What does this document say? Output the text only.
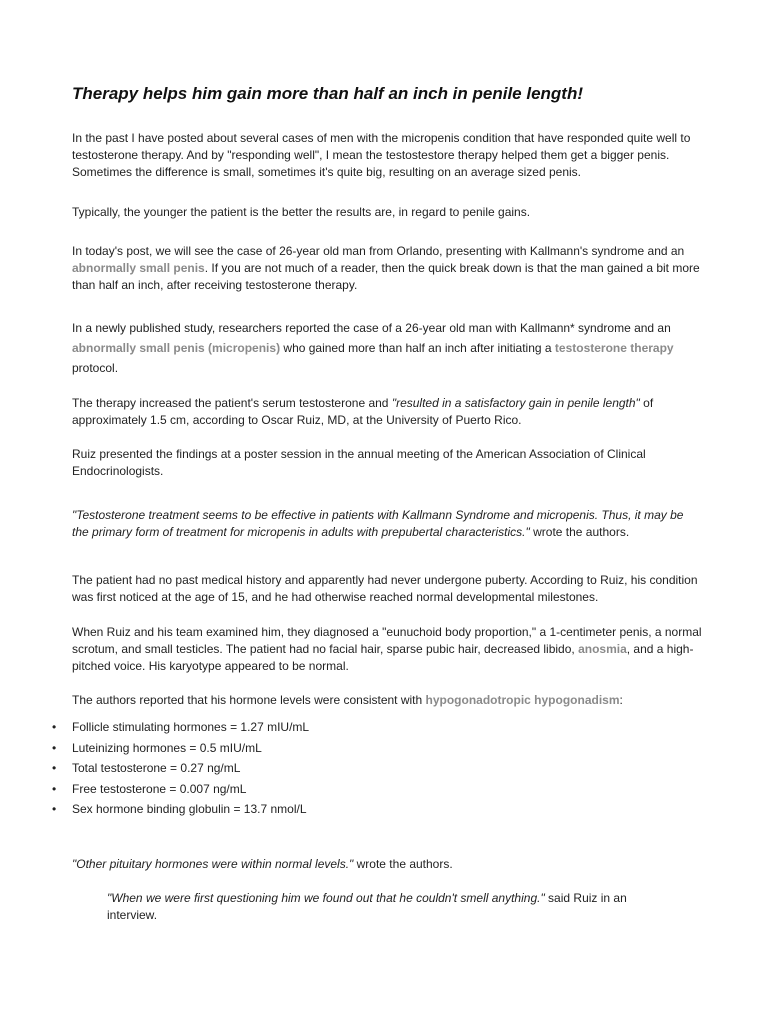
Therapy helps him gain more than half an inch in penile length!

In the past I have posted about several cases of men with the micropenis condition that have responded quite well to testosterone therapy. And by "responding well", I mean the testostestore therapy helped them get a bigger penis. Sometimes the difference is small, sometimes it's quite big, resulting on an average sized penis.

Typically, the younger the patient is the better the results are, in regard to penile gains.

In today's post, we will see the case of 26-year old man from Orlando, presenting with Kallmann's syndrome and an abnormally small penis. If you are not much of a reader, then the quick break down is that the man gained a bit more than half an inch, after receiving testosterone therapy.

In a newly published study, researchers reported the case of a 26-year old man with Kallmann* syndrome and an abnormally small penis (micropenis) who gained more than half an inch after initiating a testosterone therapy protocol.

The therapy increased the patient's serum testosterone and "resulted in a satisfactory gain in penile length" of approximately 1.5 cm, according to Oscar Ruiz, MD, at the University of Puerto Rico.

Ruiz presented the findings at a poster session in the annual meeting of the American Association of Clinical Endocrinologists.

"Testosterone treatment seems to be effective in patients with Kallmann Syndrome and micropenis. Thus, it may be the primary form of treatment for micropenis in adults with prepubertal characteristics." wrote the authors.

The patient had no past medical history and apparently had never undergone puberty. According to Ruiz, his condition was first noticed at the age of 15, and he had otherwise reached normal developmental milestones.

When Ruiz and his team examined him, they diagnosed a "eunuchoid body proportion," a 1-centimeter penis, a normal scrotum, and small testicles. The patient had no facial hair, sparse pubic hair, decreased libido, anosmia, and a high-pitched voice. His karyotype appeared to be normal.

The authors reported that his hormone levels were consistent with hypogonadotropic hypogonadism:

• Follicle stimulating hormones = 1.27 mIU/mL
• Luteinizing hormones = 0.5 mIU/mL
• Total testosterone = 0.27 ng/mL
• Free testosterone = 0.007 ng/mL
• Sex hormone binding globulin = 13.7 nmol/L

"Other pituitary hormones were within normal levels." wrote the authors.

"When we were first questioning him we found out that he couldn't smell anything." said Ruiz in an interview.
